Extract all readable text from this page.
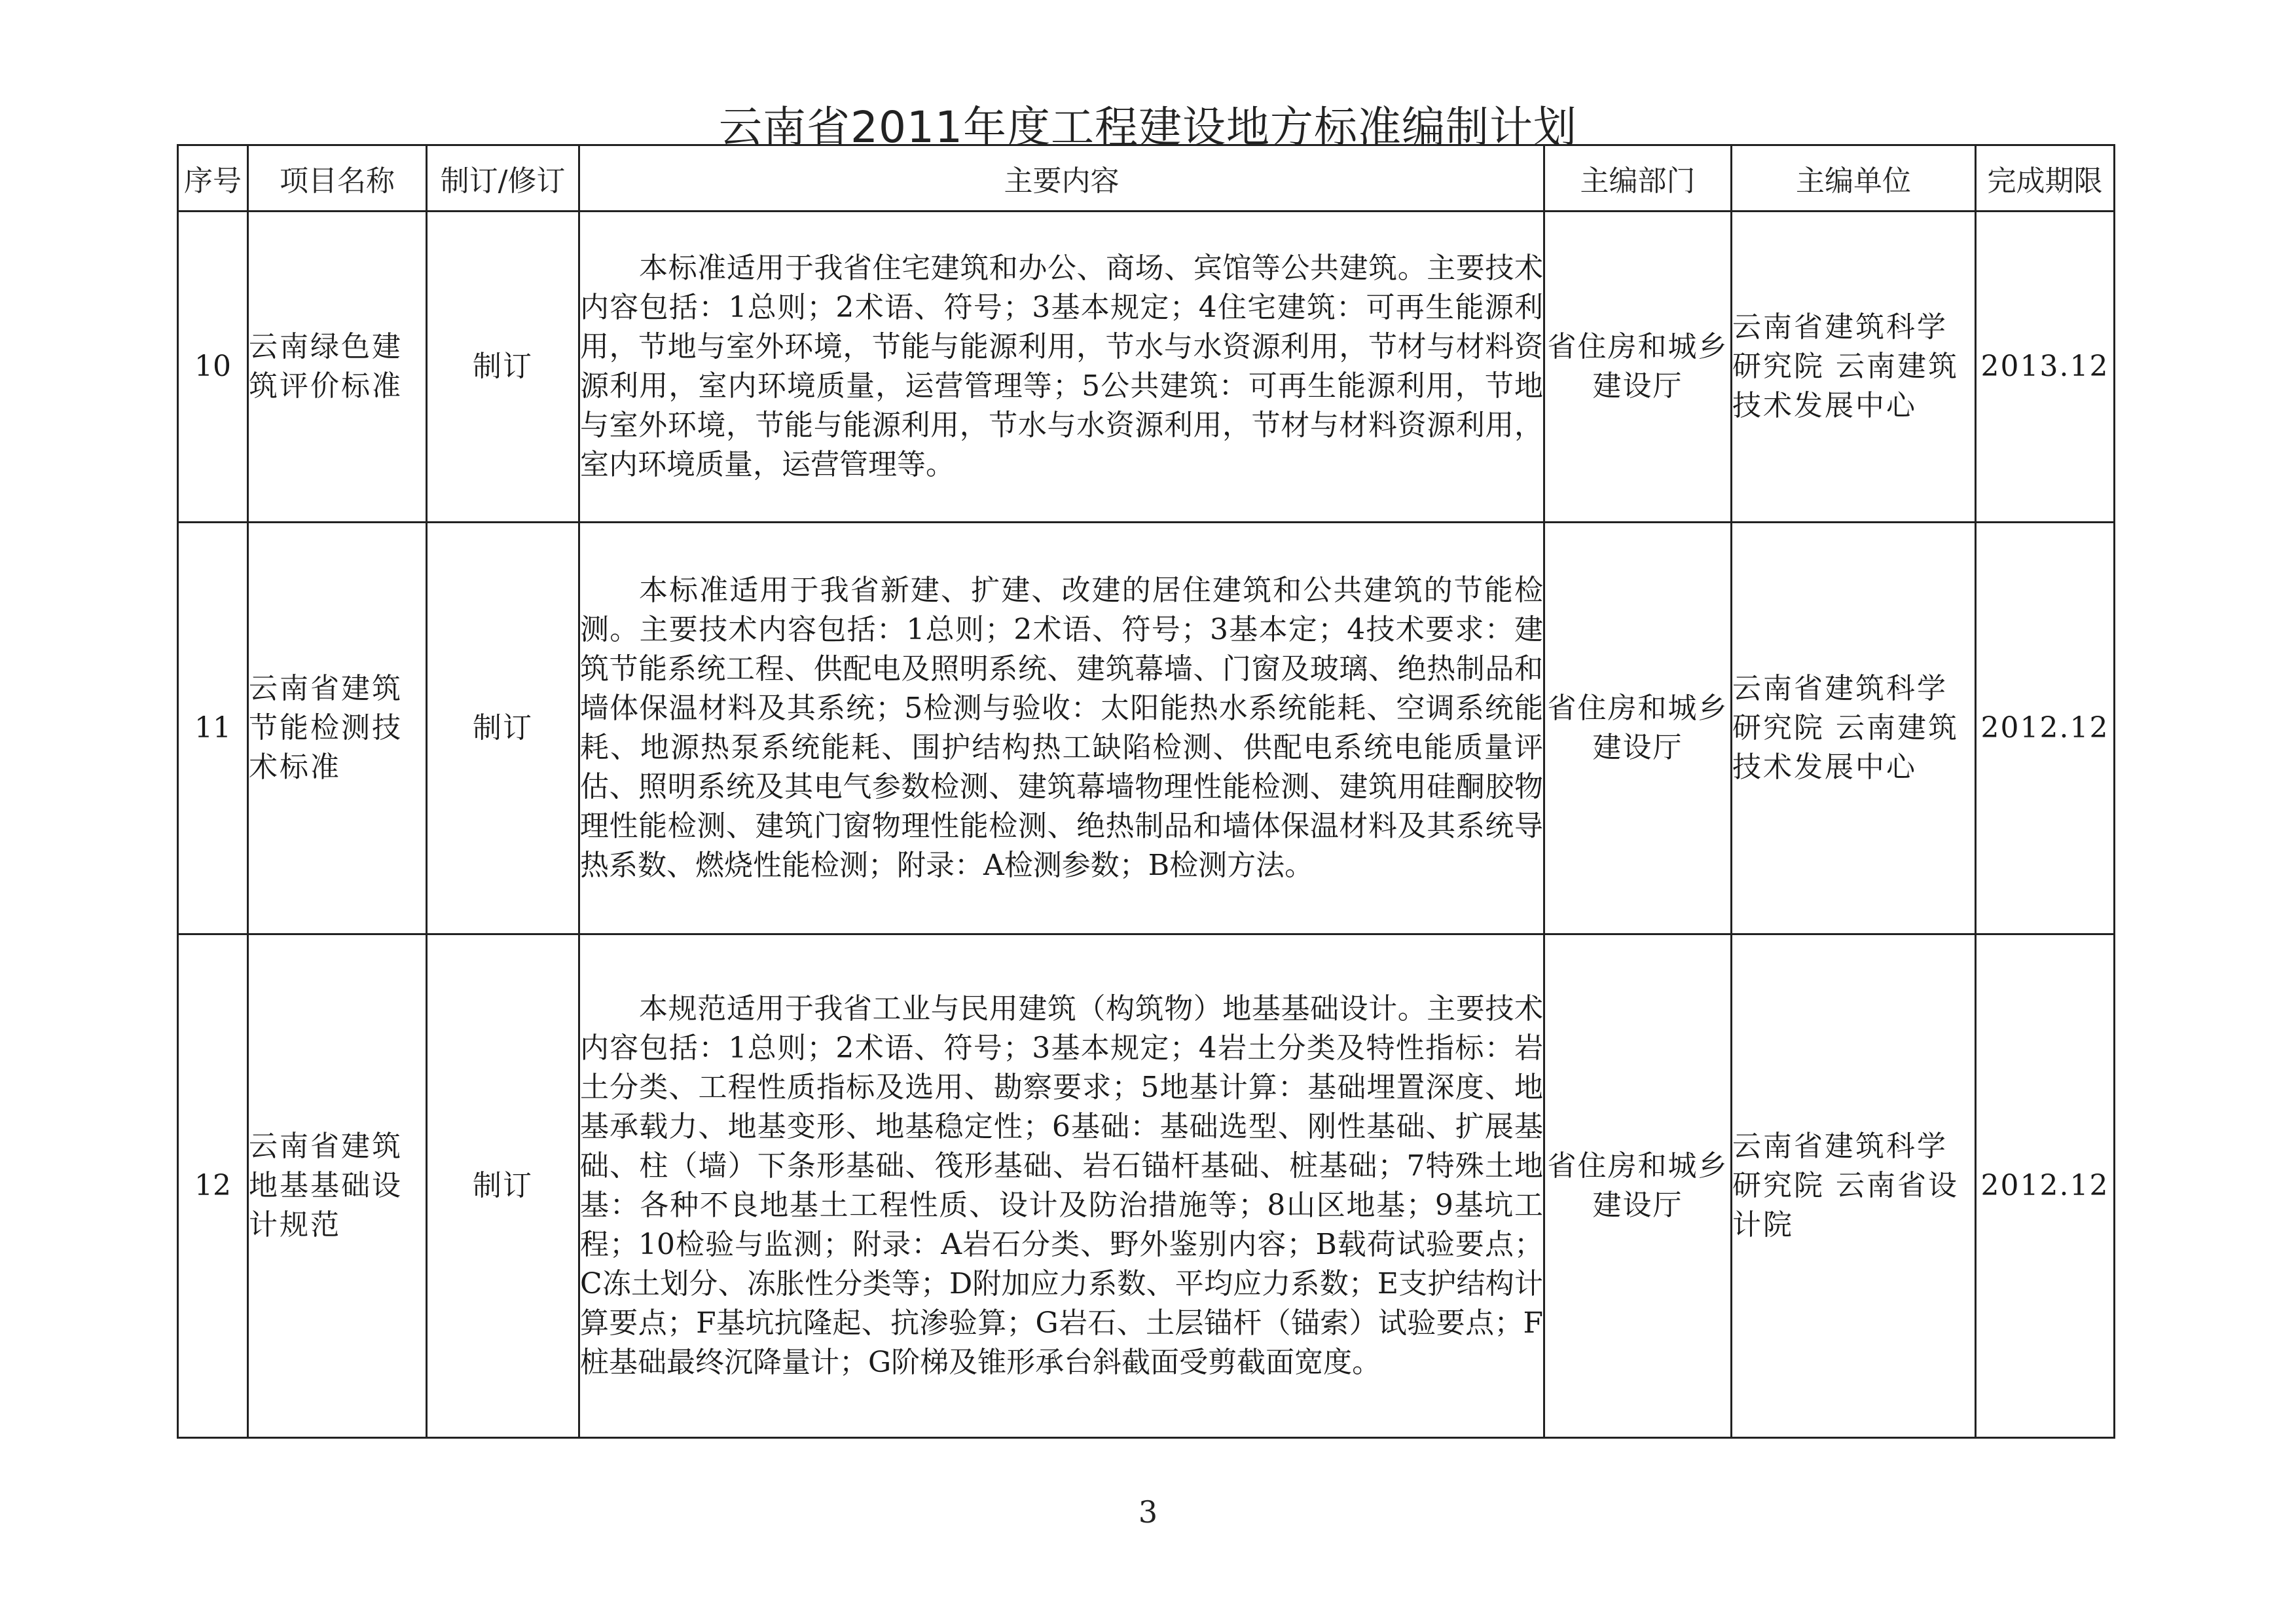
云南省2011年度工程建设地方标准编制计划
序号	项目名称	制订/修订	主要内容	主编部门	主编单位	完成期限
10	云南绿色建筑评价标准	制订	本标准适用于我省住宅建筑和办公、商场、宾馆等公共建筑。主要技术内容包括：1总则；2术语、符号；3基本规定；4住宅建筑：可再生能源利用，节地与室外环境，节能与能源利用，节水与水资源利用，节材与材料资源利用，室内环境质量，运营管理等；5公共建筑：可再生能源利用，节地与室外环境，节能与能源利用，节水与水资源利用，节材与材料资源利用，室内环境质量，运营管理等。	省住房和城乡建设厅	云南省建筑科学研究院 云南建筑技术发展中心	2013.12
11	云南省建筑节能检测技术标准	制订	本标准适用于我省新建、扩建、改建的居住建筑和公共建筑的节能检测。主要技术内容包括：1总则；2术语、符号；3基本定；4技术要求：建筑节能系统工程、供配电及照明系统、建筑幕墙、门窗及玻璃、绝热制品和墙体保温材料及其系统；5检测与验收：太阳能热水系统能耗、空调系统能耗、地源热泵系统能耗、围护结构热工缺陷检测、供配电系统电能质量评估、照明系统及其电气参数检测、建筑幕墙物理性能检测、建筑用硅酮胶物理性能检测、建筑门窗物理性能检测、绝热制品和墙体保温材料及其系统导热系数、燃烧性能检测；附录：A检测参数；B检测方法。	省住房和城乡建设厅	云南省建筑科学研究院 云南建筑技术发展中心	2012.12
12	云南省建筑地基基础设计规范	制订	本规范适用于我省工业与民用建筑（构筑物）地基基础设计。主要技术内容包括：1总则；2术语、符号；3基本规定；4岩土分类及特性指标：岩土分类、工程性质指标及选用、勘察要求；5地基计算：基础埋置深度、地基承载力、地基变形、地基稳定性；6基础：基础选型、刚性基础、扩展基础、柱（墙）下条形基础、筏形基础、岩石锚杆基础、桩基础；7特殊土地基：各种不良地基土工程性质、设计及防治措施等；8山区地基；9基坑工程；10检验与监测；附录：A岩石分类、野外鉴别内容；B载荷试验要点；C冻土划分、冻胀性分类等；D附加应力系数、平均应力系数；E支护结构计算要点；F基坑抗隆起、抗渗验算；G岩石、土层锚杆（锚索）试验要点；F桩基础最终沉降量计；G阶梯及锥形承台斜截面受剪截面宽度。	省住房和城乡建设厅	云南省建筑科学研究院 云南省设计院	2012.12
3
